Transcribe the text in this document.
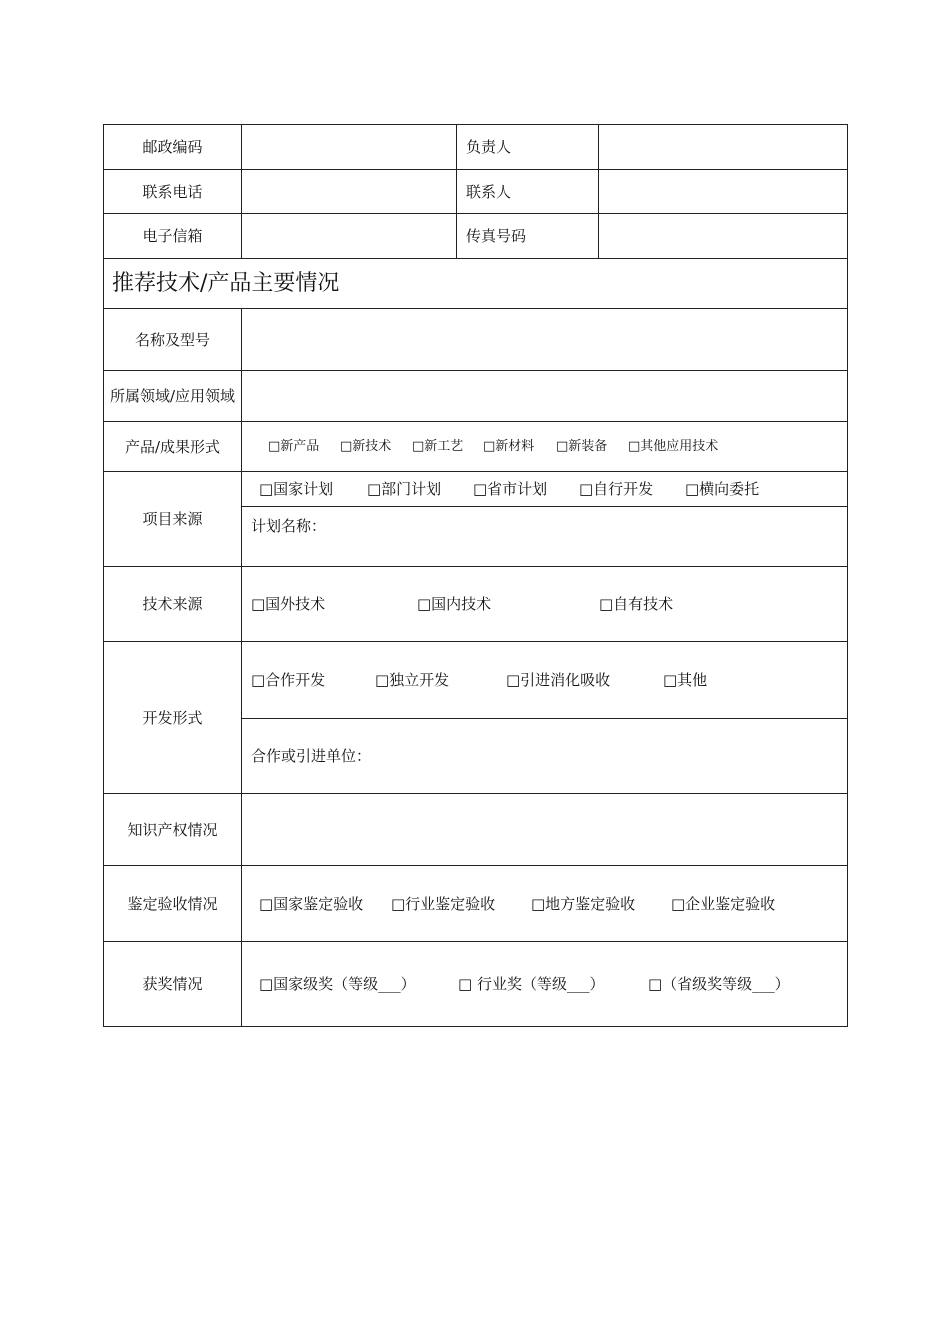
邮政编码		负责人	
联系电话		联系人	
电子信箱		传真号码	
推荐技术/产品主要情况
名称及型号	
所属领域/应用领域	
产品/成果形式	□新产品	□新技术	□新工艺	□新材料	□新装备	□其他应用技术

项目来源	
□国家计划	□部门计划	□省市计划	□自行开发	□横向委托

计划名称：

技术来源	□国外技术	□国内技术	□自有技术

开发形式	
□合作开发	□独立开发	□引进消化吸收	□其他

合作或引进单位：

知识产权情况	
鉴定验收情况	□国家鉴定验收	□行业鉴定验收	□地方鉴定验收	□企业鉴定验收

获奖情况	□国家级奖（等级___）	□ 行业奖（等级___）	□（省级奖等级___）
